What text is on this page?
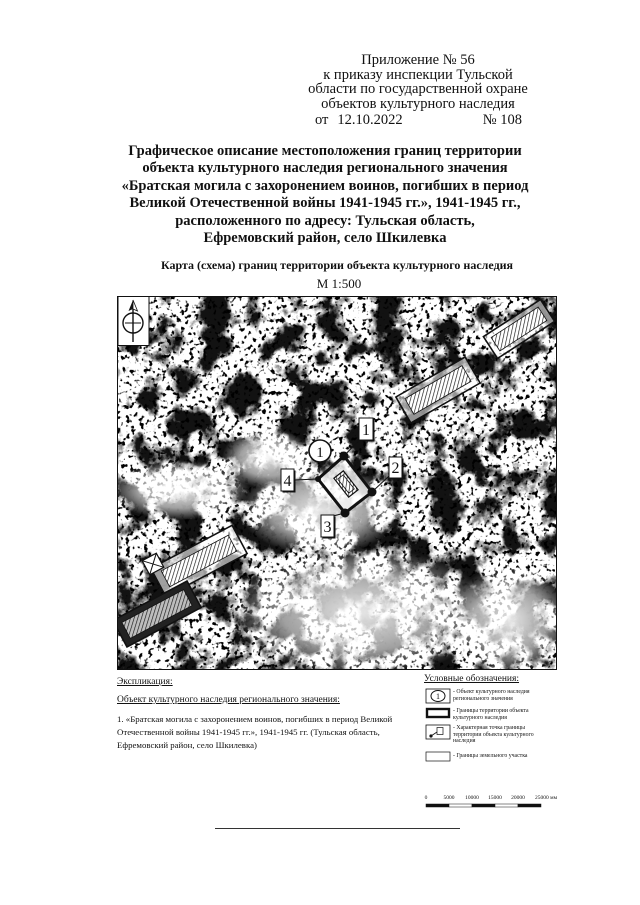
Приложение № 56
к приказу инспекции Тульской
области по государственной охране
объектов культурного наследия
от 12.10.2022	№ 108
Графическое описание местоположения границ территории
объекта культурного наследия регионального значения
«Братская могила с захоронением воинов, погибших в период
Великой Отечественной войны 1941-1945 гг.», 1941-1945 гг.,
расположенного по адресу: Тульская область,
Ефремовский район, село Шкилевка
Карта (схема) границ территории объекта культурного наследия
М 1:500
1
1
2
3
4
Экспликация:
Объект культурного наследия регионального значения:
1. «Братская могила с захоронением воинов, погибших в период Великой
Отечественной войны 1941-1945 гг.», 1941-1945 гг. (Тульская область,
Ефремовский район, село Шкилевка)
Условные обозначения:
1 - Объект культурного наследия регионального значения
- Границы территории объекта культурного наследия
- Характерная точка границы территории объекта культурного наследия
- Границы земельного участка
0	5000 10000 15000 20000 25000 мм
